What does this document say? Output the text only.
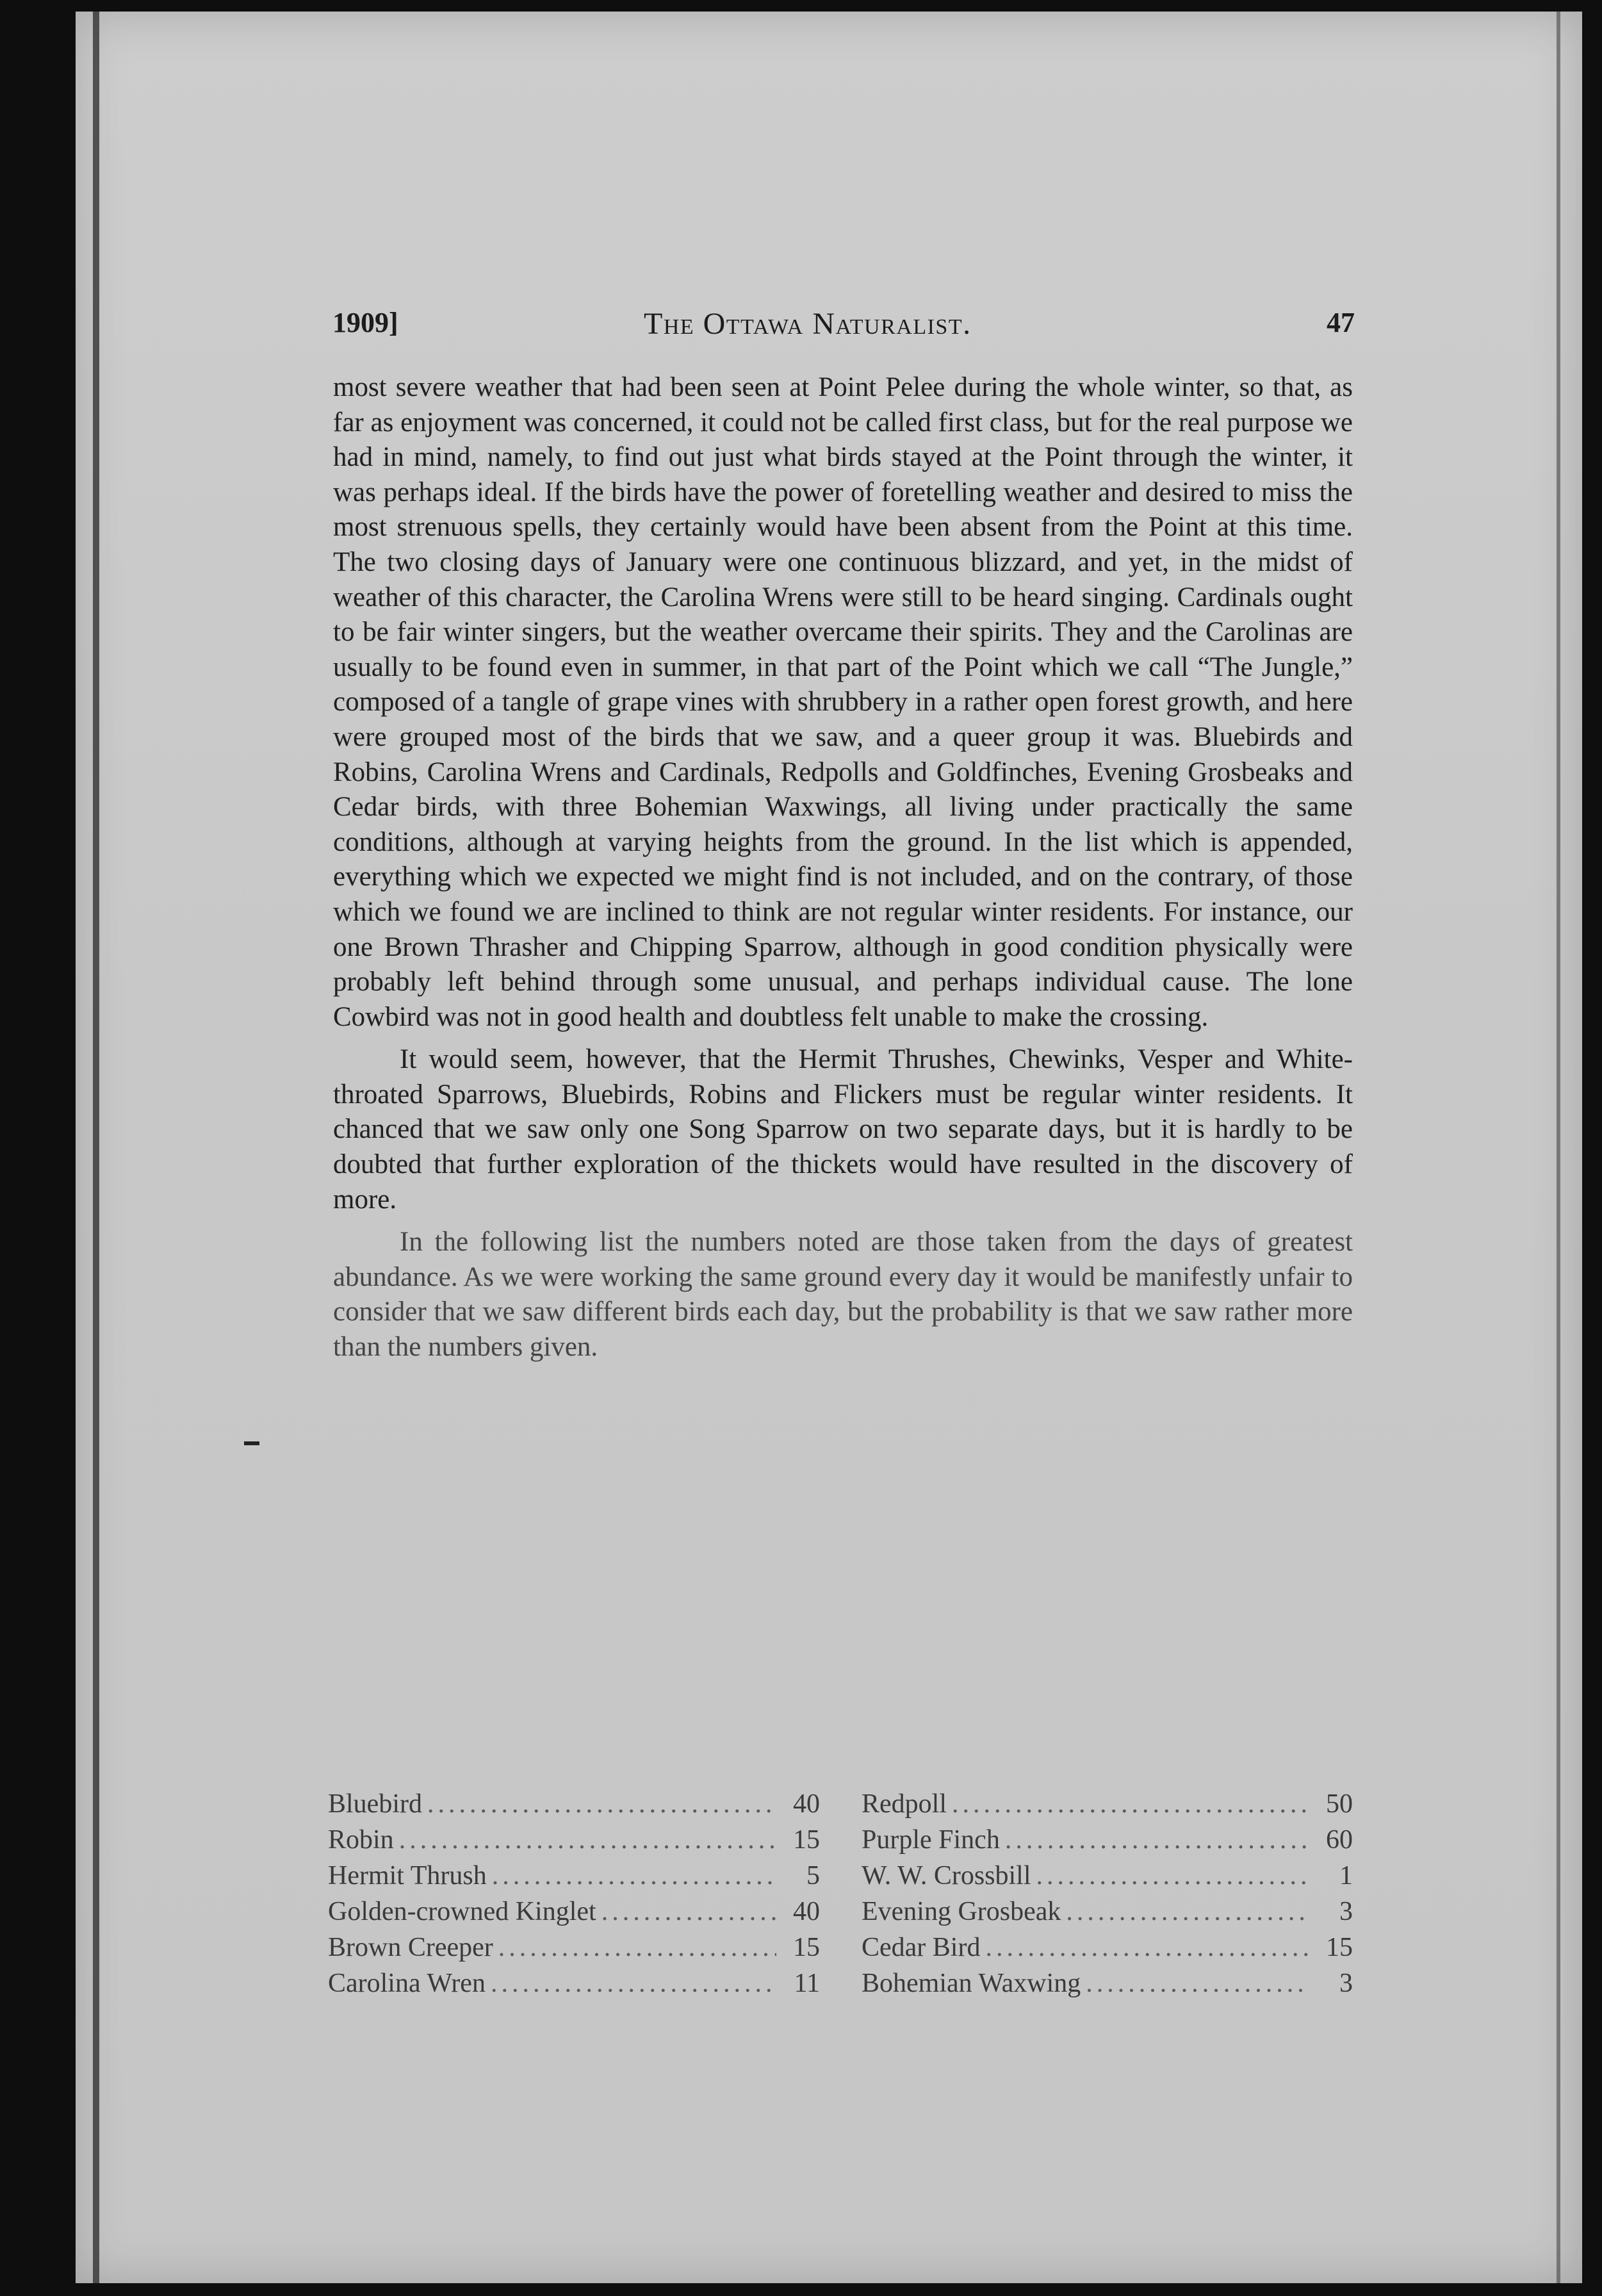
1909]	The Ottawa Naturalist.	47

most severe weather that had been seen at Point Pelee during the whole winter, so that, as far as enjoyment was concerned, it could not be called first class, but for the real purpose we had in mind, namely, to find out just what birds stayed at the Point through the winter, it was perhaps ideal. If the birds have the power of foretelling weather and desired to miss the most strenuous spells, they certainly would have been absent from the Point at this time. The two closing days of January were one continuous blizzard, and yet, in the midst of weather of this character, the Carolina Wrens were still to be heard singing. Cardinals ought to be fair winter singers, but the weather overcame their spirits. They and the Carolinas are usually to be found even in summer, in that part of the Point which we call “The Jungle,” composed of a tangle of grape vines with shrubbery in a rather open forest growth, and here were grouped most of the birds that we saw, and a queer group it was. Bluebirds and Robins, Carolina Wrens and Cardinals, Redpolls and Goldfinches, Evening Grosbeaks and Cedar birds, with three Bohemian Waxwings, all living under practically the same conditions, although at varying heights from the ground. In the list which is appended, everything which we expected we might find is not included, and on the contrary, of those which we found we are inclined to think are not regular winter residents. For instance, our one Brown Thrasher and Chipping Sparrow, although in good condition physically were probably left behind through some unusual, and perhaps individual cause. The lone Cowbird was not in good health and doubtless felt unable to make the crossing.

It would seem, however, that the Hermit Thrushes, Chewinks, Vesper and White-throated Sparrows, Bluebirds, Robins and Flickers must be regular winter residents. It chanced that we saw only one Song Sparrow on two separate days, but it is hardly to be doubted that further exploration of the thickets would have resulted in the discovery of more.

In the following list the numbers noted are those taken from the days of greatest abundance. As we were working the same ground every day it would be manifestly unfair to consider that we saw different birds each day, but the probability is that we saw rather more than the numbers given.

Bluebird .....	40
Robin .....	15
Hermit Thrush .....	5
Golden-crowned Kinglet .....	40
Brown Creeper .....	15
Carolina Wren .....	11
Redpoll .....	50
Purple Finch .....	60
W. W. Crossbill .....	1
Evening Grosbeak .....	3
Cedar Bird .....	15
Bohemian Waxwing .....	3
